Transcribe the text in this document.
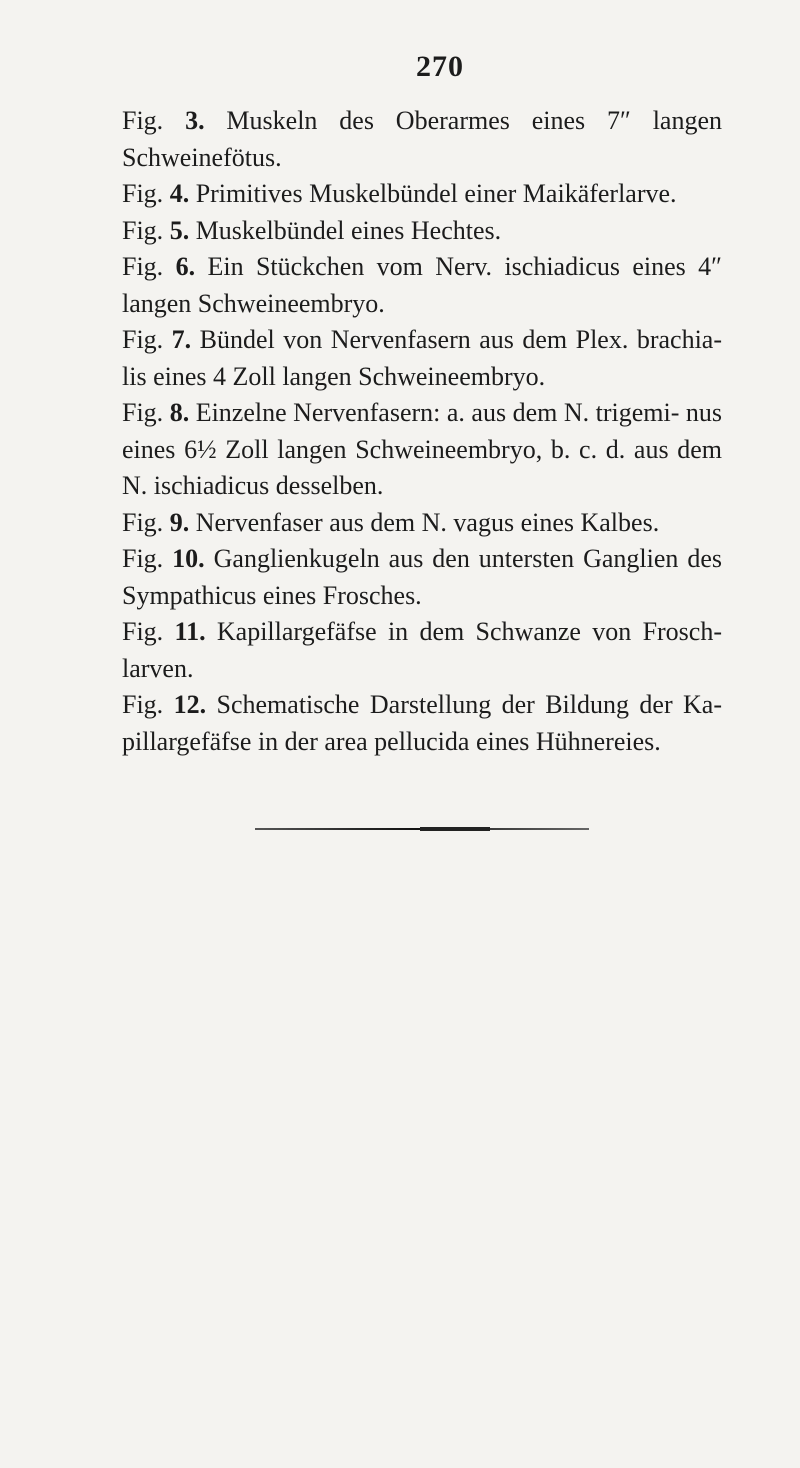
270

Fig. 3. Muskeln des Oberarmes eines 7″ langen Schweinefötus.

Fig. 4. Primitives Muskelbündel einer Maikäferlarve.

Fig. 5. Muskelbündel eines Hechtes.

Fig. 6. Ein Stückchen vom Nerv. ischiadicus eines 4″ langen Schweineembryo.

Fig. 7. Bündel von Nervenfasern aus dem Plex. brachia- lis eines 4 Zoll langen Schweineembryo.

Fig. 8. Einzelne Nervenfasern: a. aus dem N. trigemi- nus eines 6½ Zoll langen Schweineembryo, b. c. d. aus dem N. ischiadicus desselben.

Fig. 9. Nervenfaser aus dem N. vagus eines Kalbes.

Fig. 10. Ganglienkugeln aus den untersten Ganglien des Sympathicus eines Frosches.

Fig. 11. Kapillargefäfse in dem Schwanze von Frosch- larven.

Fig. 12. Schematische Darstellung der Bildung der Ka- pillargefäfse in der area pellucida eines Hühnereies.
